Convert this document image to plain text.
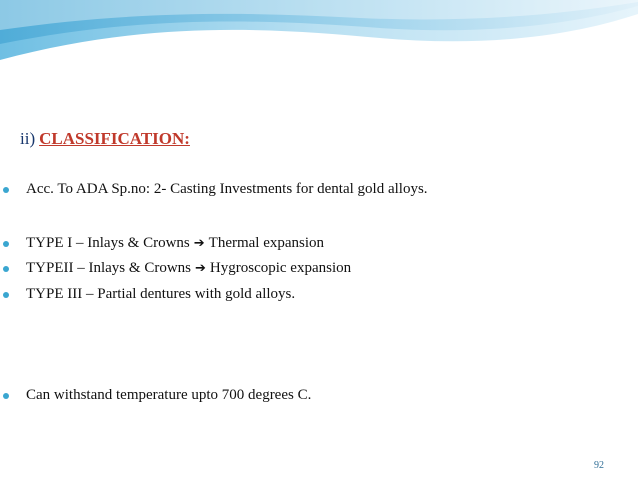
ii) CLASSIFICATION:
Acc. To ADA Sp.no: 2- Casting Investments for dental gold alloys.
TYPE I – Inlays & Crowns ➔ Thermal expansion
TYPEII – Inlays & Crowns ➔ Hygroscopic expansion
TYPE III – Partial dentures with gold alloys.
Can withstand temperature upto 700 degrees C.
92
